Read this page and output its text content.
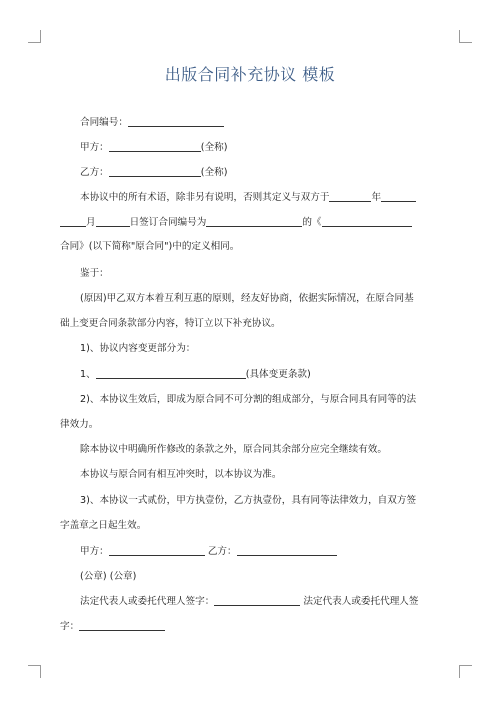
出版合同补充协议 模板
合同编号：
甲方：	(全称)
乙方：	(全称)
本协议中的所有术语，除非另有说明，否则其定义与双方于	年
月	日签订合同编号为	的《
合同》(以下简称"原合同")中的定义相同。
鉴于：
(原因)甲乙双方本着互利互惠的原则，经友好协商，依据实际情况，在原合同基
础上变更合同条款部分内容，特订立以下补充协议。
1)、协议内容变更部分为：
1、	(具体变更条款)
2)、本协议生效后，即成为原合同不可分割的组成部分，与原合同具有同等的法
律效力。
除本协议中明确所作修改的条款之外，原合同其余部分应完全继续有效。
本协议与原合同有相互冲突时，以本协议为准。
3)、本协议一式贰份，甲方执壹份，乙方执壹份，具有同等法律效力，自双方签
字盖章之日起生效。
甲方：	乙方：
(公章) (公章)
法定代表人或委托代理人签字：	法定代表人或委托代理人签
字：
